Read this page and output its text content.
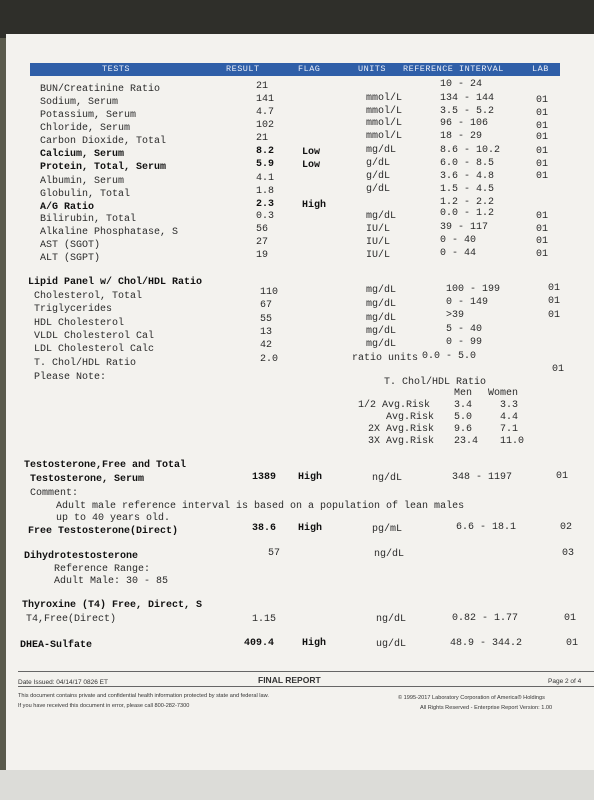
TESTS	RESULT	FLAG	UNITS REFERENCE INTERVAL	LAB
BUN/Creatinine Ratio	21	10 - 24
Sodium, Serum	141	mmol/L	134 - 144	01
Potassium, Serum	4.7	mmol/L	3.5 - 5.2	01
Chloride, Serum	102	mmol/L	96 - 106	01
Carbon Dioxide, Total	21	mmol/L	18 - 29	01
Calcium, Serum	8.2	Low	mg/dL	8.6 - 10.2	01
Protein, Total, Serum	5.9	Low	g/dL	6.0 - 8.5	01
Albumin, Serum	4.1	g/dL	3.6 - 4.8	01
Globulin, Total	1.8	g/dL	1.5 - 4.5
A/G Ratio	2.3	High	1.2 - 2.2
Bilirubin, Total	0.3	mg/dL	0.0 - 1.2	01
Alkaline Phosphatase, S	56	IU/L	39 - 117	01
AST (SGOT)	27	IU/L	0 - 40	01
ALT (SGPT)	19	IU/L	0 - 44	01
Lipid Panel w/ Chol/HDL Ratio
Cholesterol, Total	110	mg/dL	100 - 199	01
Triglycerides	67	mg/dL	0 - 149	01
HDL Cholesterol	55	mg/dL	>39	01
VLDL Cholesterol Cal	13	mg/dL	5 - 40
LDL Cholesterol Calc	42	mg/dL	0 - 99
T. Chol/HDL Ratio	2.0	ratio units 0.0 - 5.0
Please Note:
01
T. Chol/HDL Ratio
Men Women
1/2 Avg.Risk 3.4	3.3
Avg.Risk 5.0	4.4
2X Avg.Risk 9.6	7.1
3X Avg.Risk 23.4 11.0
Testosterone,Free and Total
Testosterone, Serum	1389 High	ng/dL	348 - 1197	01
Comment:
Adult male reference interval is based on a population of lean males
up to 40 years old.
Free Testosterone(Direct)	38.6 High	pg/mL	6.6 - 18.1	02
Dihydrotestosterone	57	ng/dL	03
Reference Range:
Adult Male: 30 - 85
Thyroxine (T4) Free, Direct, S
T4,Free(Direct)	1.15	ng/dL	0.82 - 1.77	01
DHEA-Sulfate	409.4	High	ug/dL	48.9 - 344.2	01
Date Issued: 04/14/17 0826 ET	FINAL REPORT	Page 2 of 4
This document contains private and confidential health information protected by state and federal law.
If you have received this document in error, please call 800-282-7300
© 1995-2017 Laboratory Corporation of America® Holdings
All Rights Reserved - Enterprise Report Version: 1.00
